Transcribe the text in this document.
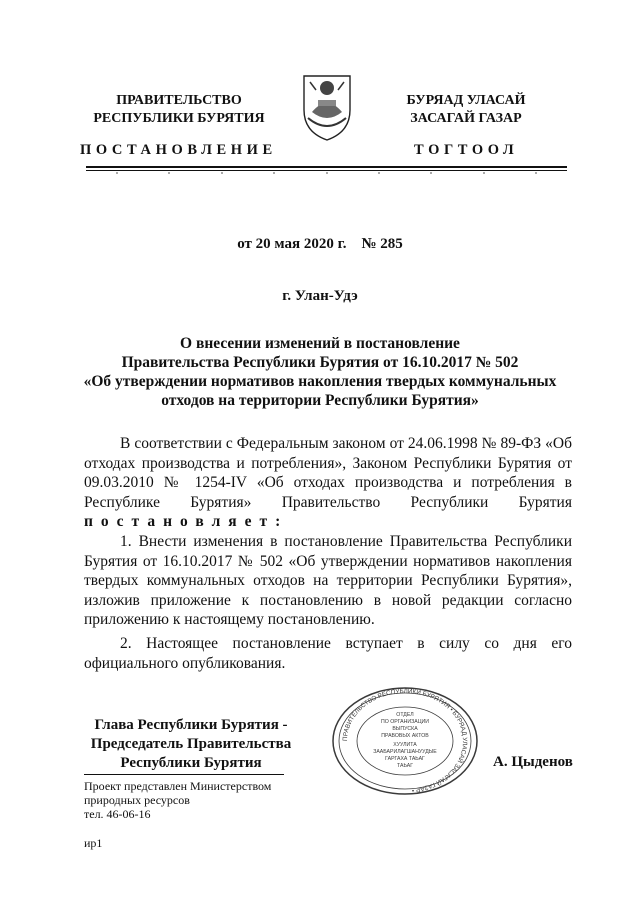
ПРАВИТЕЛЬСТВО
РЕСПУБЛИКИ БУРЯТИЯ
БУРЯАД УЛАСАЙ
ЗАСАГАЙ ГАЗАР
ПОСТАНОВЛЕНИЕ	ТОГТООЛ
от 20 мая 2020 г.    № 285
г. Улан-Удэ
О внесении изменений в постановление
Правительства Республики Бурятия от 16.10.2017 № 502
«Об утверждении нормативов накопления твердых коммунальных
отходов на территории Республики Бурятия»
В соответствии с Федеральным законом от 24.06.1998 № 89-ФЗ «Об отходах производства и потребления», Законом Республики Бурятия от 09.03.2010 № 1254-IV «Об отходах производства и потребления в Республике Бурятия» Правительство Республики Бурятия постановляет:
1. Внести изменения в постановление Правительства Республики Бурятия от 16.10.2017 № 502 «Об утверждении нормативов накопления твердых коммунальных отходов на территории Республики Бурятия», изложив приложение к постановлению в новой редакции согласно приложению к настоящему постановлению.
2. Настоящее постановление вступает в силу со дня его официального опубликования.
Глава Республики Бурятия -
Председатель Правительства
Республики Бурятия
ПРАВИТЕЛЬСТВО РЕСПУБЛИКИ БУРЯТИЯ • БУРЯАД УЛАСАЙ ЗАСАГАЙ ГАЗАР •
ОТДЕЛ
ПО ОРГАНИЗАЦИИ
ВЫПУСКА
ПРАВОВЫХ АКТОВ
ХУУЛИТА
ЗААБАРИЛАГШАНУУДЫЕ
ГАРГАХА ТАЬАГ
ТАЬАГ	А. Цыденов
Проект представлен Министерством
природных ресурсов
тел. 46-06-16
ир1
